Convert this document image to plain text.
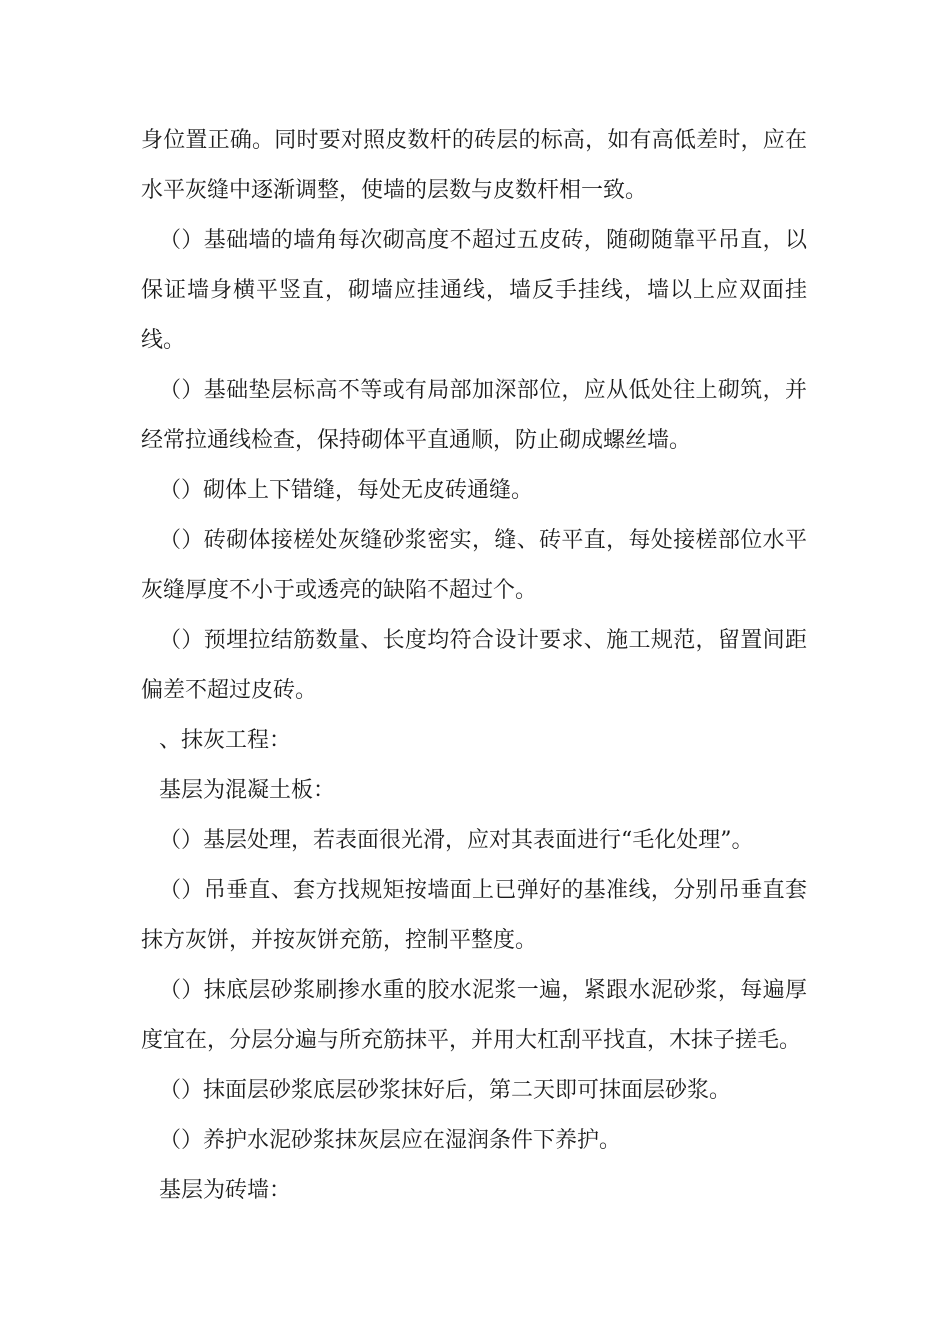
身位置正确。同时要对照皮数杆的砖层的标高，如有高低差时，应在水平灰缝中逐渐调整，使墙的层数与皮数杆相一致。

（）基础墙的墙角每次砌高度不超过五皮砖，随砌随靠平吊直，以保证墙身横平竖直，砌墙应挂通线，墙反手挂线，墙以上应双面挂线。

（）基础垫层标高不等或有局部加深部位，应从低处往上砌筑，并经常拉通线检查，保持砌体平直通顺，防止砌成螺丝墙。

（）砌体上下错缝，每处无皮砖通缝。

（）砖砌体接槎处灰缝砂浆密实，缝、砖平直，每处接槎部位水平灰缝厚度不小于或透亮的缺陷不超过个。

（）预埋拉结筋数量、长度均符合设计要求、施工规范，留置间距偏差不超过皮砖。

、抹灰工程：

基层为混凝土板：

（）基层处理，若表面很光滑，应对其表面进行“毛化处理”。

（）吊垂直、套方找规矩按墙面上已弹好的基准线，分别吊垂直套抹方灰饼，并按灰饼充筋，控制平整度。

（）抹底层砂浆刷掺水重的胶水泥浆一遍，紧跟水泥砂浆，每遍厚度宜在，分层分遍与所充筋抹平，并用大杠刮平找直，木抹子搓毛。

（）抹面层砂浆底层砂浆抹好后，第二天即可抹面层砂浆。

（）养护水泥砂浆抹灰层应在湿润条件下养护。

基层为砖墙：
